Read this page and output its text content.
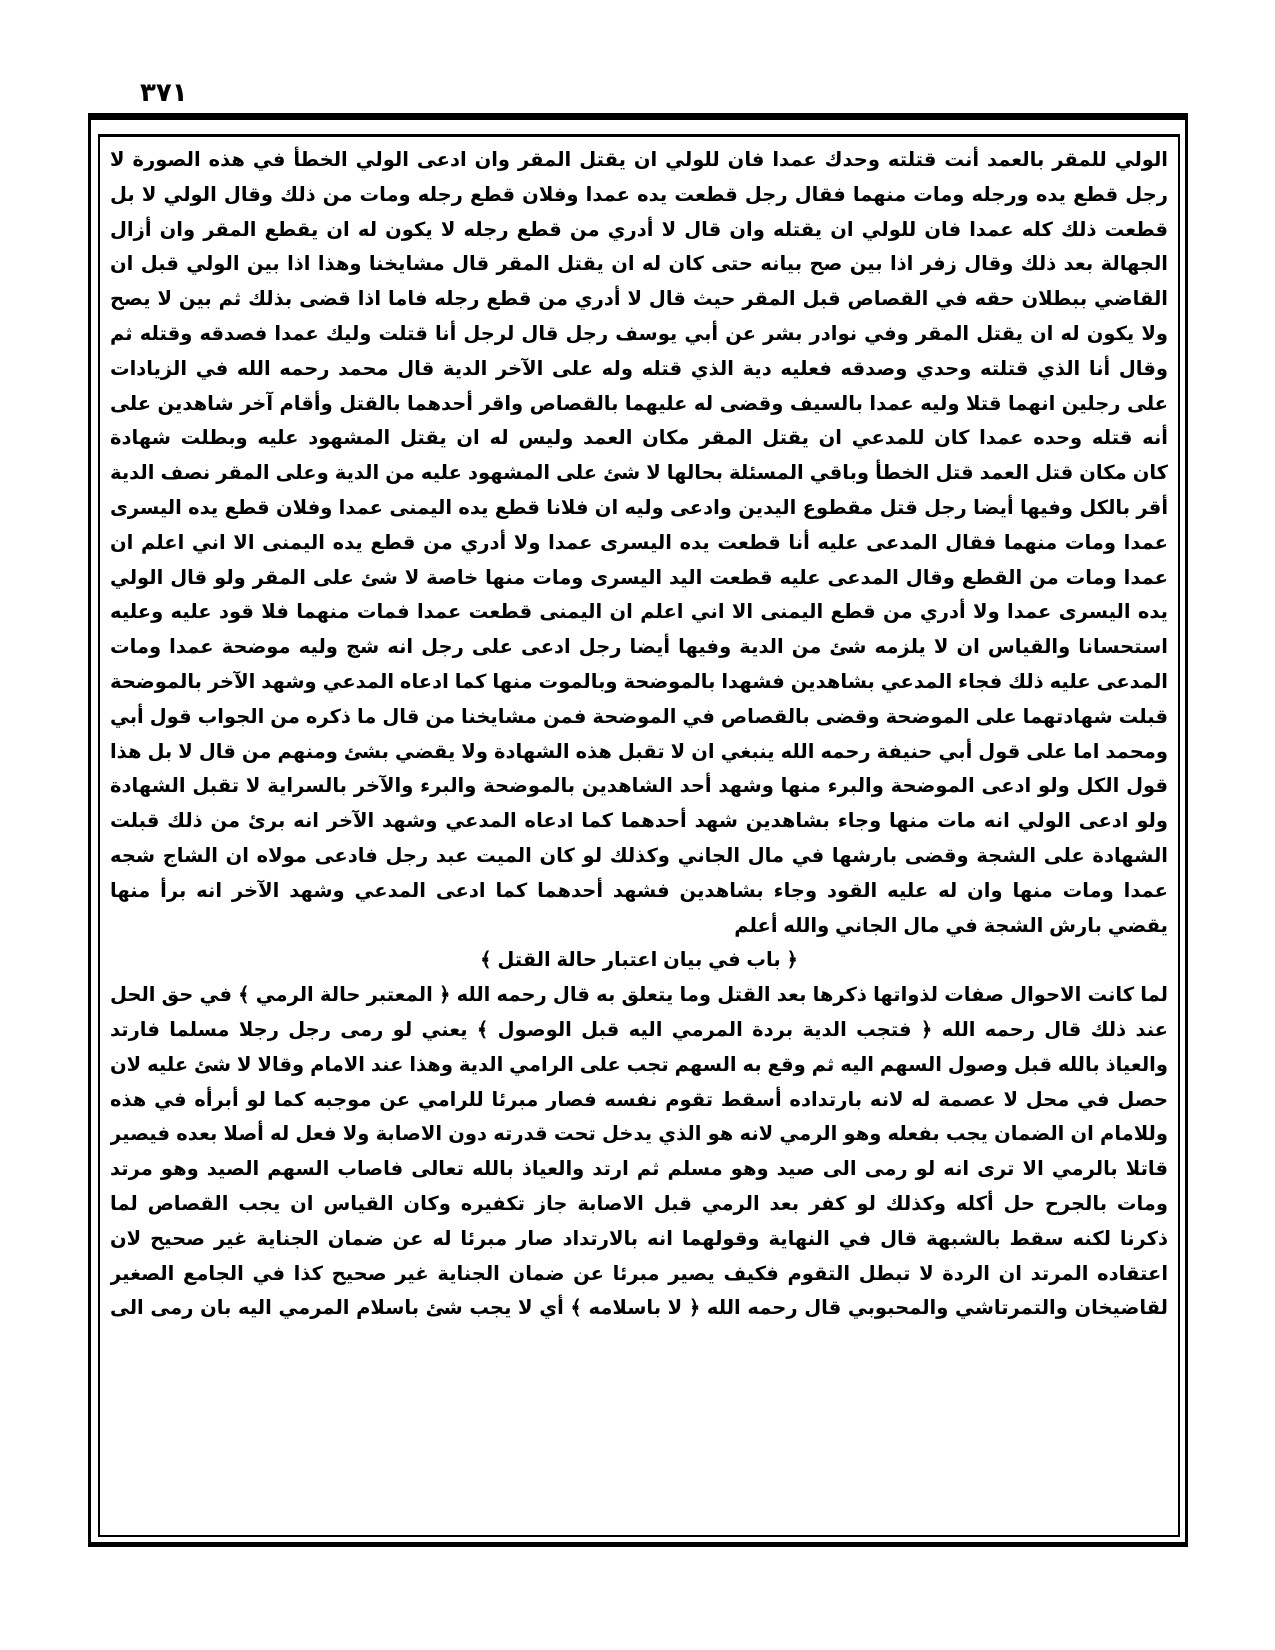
۳۷۱
الولي للمقر بالعمد أنت قتلته وحدك عمدا فان للولي ان يقتل المقر وان ادعى الولي الخطأ في هذه الصورة لا
رجل قطع يده ورجله ومات منهما فقال رجل قطعت يده عمدا وفلان قطع رجله ومات من ذلك وقال الولي لا بل
قطعت ذلك كله عمدا فان للولي ان يقتله وان قال لا أدري من قطع رجله لا يكون له ان يقطع المقر وان أزال
الجهالة بعد ذلك وقال زفر اذا بين صح بيانه حتى كان له ان يقتل المقر قال مشايخنا وهذا اذا بين الولي قبل ان
القاضي ببطلان حقه في القصاص قبل المقر حيث قال لا أدري من قطع رجله فاما اذا قضى بذلك ثم بين لا يصح
ولا يكون له ان يقتل المقر وفي نوادر بشر عن أبي يوسف رجل قال لرجل أنا قتلت وليك عمدا فصدقه وقتله ثم
وقال أنا الذي قتلته وحدي وصدقه فعليه دية الذي قتله وله على الآخر الدية قال محمد رحمه الله في الزيادات
على رجلين انهما قتلا وليه عمدا بالسيف وقضى له عليهما بالقصاص واقر أحدهما بالقتل وأقام آخر شاهدين على
أنه قتله وحده عمدا كان للمدعي ان يقتل المقر مكان العمد وليس له ان يقتل المشهود عليه وبطلت شهادة
كان مكان قتل العمد قتل الخطأ وباقي المسئلة بحالها لا شئ على المشهود عليه من الدية وعلى المقر نصف الدية
أقر بالكل وفيها أيضا رجل قتل مقطوع اليدين وادعى وليه ان فلانا قطع يده اليمنى عمدا وفلان قطع يده اليسرى
عمدا ومات منهما فقال المدعى عليه أنا قطعت يده اليسرى عمدا ولا أدري من قطع يده اليمنى الا اني اعلم ان
عمدا ومات من القطع وقال المدعى عليه قطعت اليد اليسرى ومات منها خاصة لا شئ على المقر ولو قال الولي
يده اليسرى عمدا ولا أدري من قطع اليمنى الا اني اعلم ان اليمنى قطعت عمدا فمات منهما فلا قود عليه وعليه
استحسانا والقياس ان لا يلزمه شئ من الدية وفيها أيضا رجل ادعى على رجل انه شج وليه موضحة عمدا ومات
المدعى عليه ذلك فجاء المدعي بشاهدين فشهدا بالموضحة وبالموت منها كما ادعاه المدعي وشهد الآخر بالموضحة
قبلت شهادتهما على الموضحة وقضى بالقصاص في الموضحة فمن مشايخنا من قال ما ذكره من الجواب قول أبي
ومحمد اما على قول أبي حنيفة رحمه الله ينبغي ان لا تقبل هذه الشهادة ولا يقضي بشئ ومنهم من قال لا بل هذا
قول الكل ولو ادعى الموضحة والبرء منها وشهد أحد الشاهدين بالموضحة والبرء والآخر بالسراية لا تقبل الشهادة
ولو ادعى الولي انه مات منها وجاء بشاهدين شهد أحدهما كما ادعاه المدعي وشهد الآخر انه برئ من ذلك قبلت
الشهادة على الشجة وقضى بارشها في مال الجاني وكذلك لو كان الميت عبد رجل فادعى مولاه ان الشاج شجه
عمدا ومات منها وان له عليه القود وجاء بشاهدين فشهد أحدهما كما ادعى المدعي وشهد الآخر انه برأ منها
يقضي بارش الشجة في مال الجاني والله أعلم
﴿ باب في بيان اعتبار حالة القتل ﴾
لما كانت الاحوال صفات لذواتها ذكرها بعد القتل وما يتعلق به قال رحمه الله ﴿ المعتبر حالة الرمي ﴾ في حق الحل
عند ذلك قال رحمه الله ﴿ فتجب الدية بردة المرمي اليه قبل الوصول ﴾ يعني لو رمى رجل رجلا مسلما فارتد
والعياذ بالله قبل وصول السهم اليه ثم وقع به السهم تجب على الرامي الدية وهذا عند الامام وقالا لا شئ عليه لان
حصل في محل لا عصمة له لانه بارتداده أسقط تقوم نفسه فصار مبرئا للرامي عن موجبه كما لو أبرأه في هذه
وللامام ان الضمان يجب بفعله وهو الرمي لانه هو الذي يدخل تحت قدرته دون الاصابة ولا فعل له أصلا بعده فيصير
قاتلا بالرمي الا ترى انه لو رمى الى صيد وهو مسلم ثم ارتد والعياذ بالله تعالى فاصاب السهم الصيد وهو مرتد
ومات بالجرح حل أكله وكذلك لو كفر بعد الرمي قبل الاصابة جاز تكفيره وكان القياس ان يجب القصاص لما
ذكرنا لكنه سقط بالشبهة قال في النهاية وقولهما انه بالارتداد صار مبرئا له عن ضمان الجناية غير صحيح لان
اعتقاده المرتد ان الردة لا تبطل التقوم فكيف يصير مبرئا عن ضمان الجناية غير صحيح كذا في الجامع الصغير
لقاضيخان والتمرتاشي والمحبوبي قال رحمه الله ﴿ لا باسلامه ﴾ أي لا يجب شئ باسلام المرمي اليه بان رمى الى
